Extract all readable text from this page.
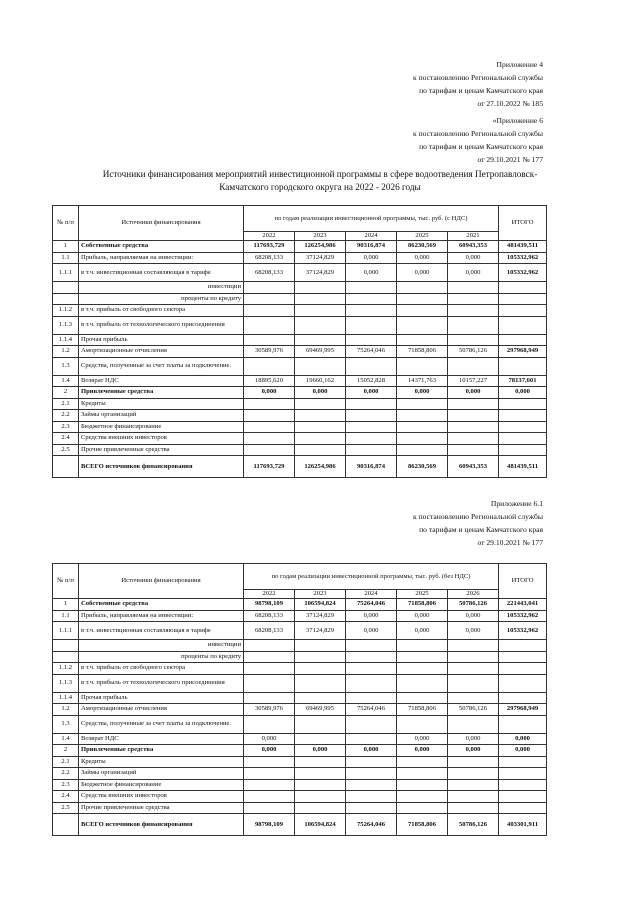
Приложение 4
к постановлению Региональной службы
по тарифам и ценам Камчатского края
от 27.10.2022 № 185
«Приложение 6
к постановлению Региональной службы
по тарифам и ценам Камчатского края
от 29.10.2021 № 177
Источники финансирования мероприятий инвестиционной программы в сфере водоотведения Петропавловск-
Камчатского городского округа на 2022 - 2026 годы
№ п/п	Источники финансирования	по годам реализации инвестиционной программы, тыс. руб. (с НДС)					ИТОГО
		2022	2023	2024	2025	2021	
1	Собственные средства	117693,729	126254,986	90316,874	86230,569	60943,353	481439,511
1.1	Прибыль, направляемая на инвестиции:	68208,133	37124,829	0,000	0,000	0,000	105332,962
1.1.1	в т.ч. инвестиционная составляющая в тарифе	68208,133	37124,829	0,000	0,000	0,000	105332,962
	инвестиции						
	проценты по кредиту						
1.1.2	в т.ч. прибыль от свободного сектора						
1.1.3	в т.ч. прибыль от технологического присоединения						
1.1.4	Прочая прибыль						
1.2	Амортизационные отчисления	30589,976	69469,995	75264,046	71858,806	50786,126	297968,949
1.3	Средства, полученные за счет платы за подключение.						
1.4	Возврат НДС	18895,620	19660,162	15052,828	14371,763	10157,227	78137,601
2	Привлеченные средства	0,000	0,000	0,000	0,000	0,000	0,000
2.1	Кредиты						
2.2	Займы организаций						
2.3	Бюджетное финансирование						
2.4	Средства внешних инвесторов						
2.5	Прочие привлеченные средства						
	ВСЕГО источников финансирования	117693,729	126254,986	90316,874	86230,569	60943,353	481439,511
Приложение 6.1
к постановлению Региональной службы
по тарифам и ценам Камчатского края
от 29.10.2021 № 177
№ п/п	Источники финансирования	по годам реализации инвестиционной программы, тыс. руб. (без НДС)					ИТОГО
		2022	2023	2024	2025	2026	
1	Собственные средства	98798,109	106594,824	75264,046	71858,806	50786,126	221443,041
1.1	Прибыль, направляемая на инвестиции:	68208,133	37124,829	0,000	0,000	0,000	105332,962
1.1.1	в т.ч. инвестиционная составляющая в тарифе	68208,133	37124,829	0,000	0,000	0,000	105332,962
	инвестиции						
	проценты по кредиту						
1.1.2	в т.ч. прибыль от свободного сектора						
1.1.3	в т.ч. прибыль от технологического присоединения						
1.1.4	Прочая прибыль						
1.2	Амортизационные отчисления	30589,976	69469,995	75264,046	71858,806	50786,126	297968,949
1.3	Средства, полученные за счет платы за подключение.						
1.4	Возврат НДС	0,000			0,000	0,000	0,000
2	Привлеченные средства	0,000	0,000	0,000	0,000	0,000	0,000
2.1	Кредиты						
2.2	Займы организаций						
2.3	Бюджетное финансирование						
2.4	Средства внешних инвесторов						
2.5	Прочие привлеченные средства						
	ВСЕГО источников финансирования	98798,109	106594,824	75264,046	71858,806	50786,126	403301,911
